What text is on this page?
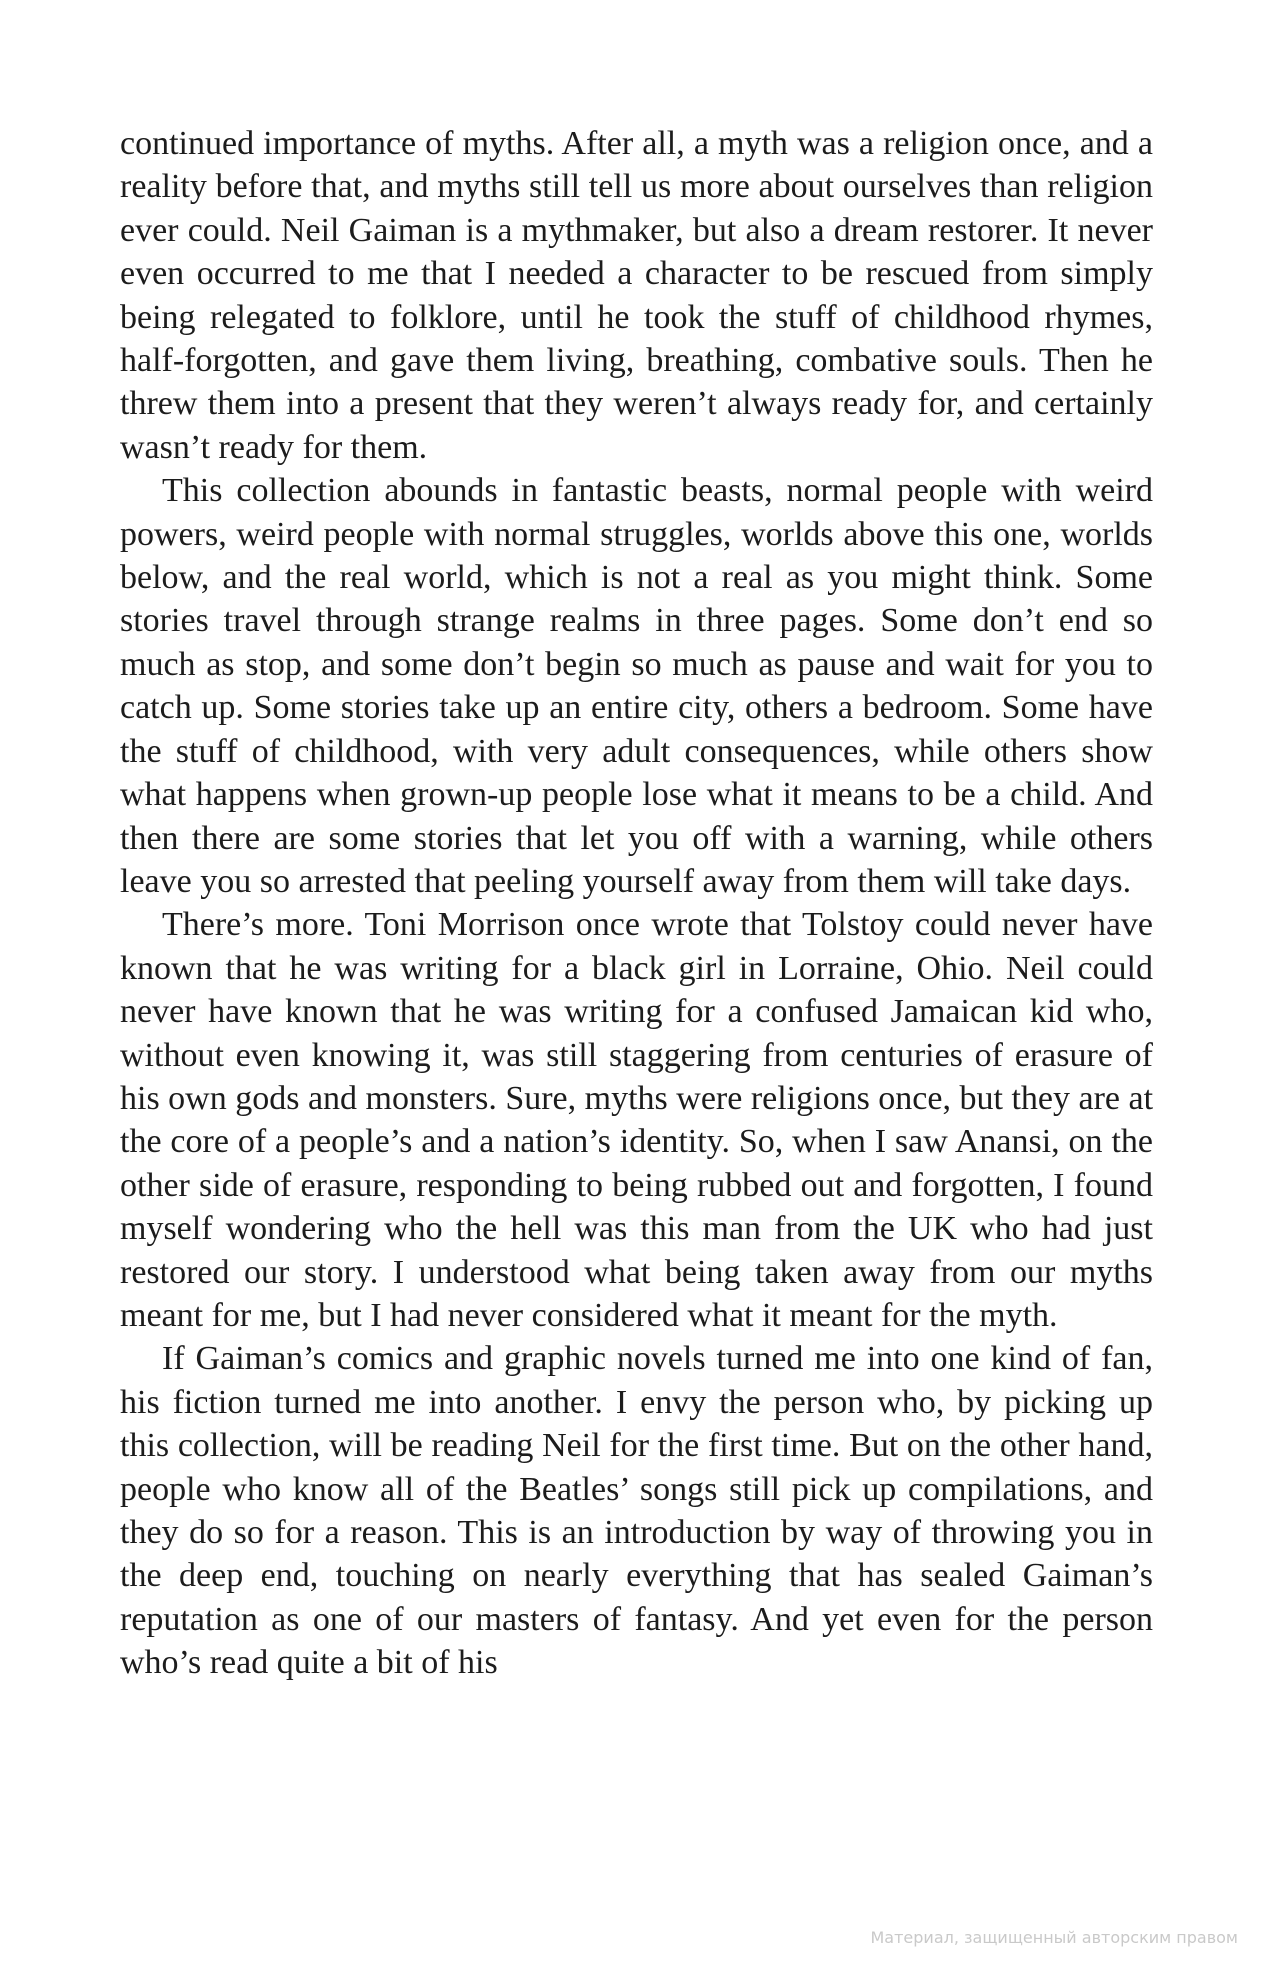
continued importance of myths. After all, a myth was a religion once, and a reality before that, and myths still tell us more about ourselves than religion ever could. Neil Gaiman is a mythmaker, but also a dream restorer. It never even occurred to me that I needed a character to be rescued from simply being relegated to folklore, until he took the stuff of childhood rhymes, half-forgotten, and gave them living, breathing, combative souls. Then he threw them into a present that they weren’t always ready for, and certainly wasn’t ready for them.

This collection abounds in fantastic beasts, normal people with weird powers, weird people with normal struggles, worlds above this one, worlds below, and the real world, which is not a real as you might think. Some stories travel through strange realms in three pages. Some don’t end so much as stop, and some don’t begin so much as pause and wait for you to catch up. Some stories take up an entire city, others a bedroom. Some have the stuff of childhood, with very adult consequences, while others show what happens when grown-up people lose what it means to be a child. And then there are some stories that let you off with a warning, while others leave you so arrested that peeling yourself away from them will take days.

There’s more. Toni Morrison once wrote that Tolstoy could never have known that he was writing for a black girl in Lorraine, Ohio. Neil could never have known that he was writing for a confused Jamaican kid who, without even knowing it, was still staggering from centuries of erasure of his own gods and monsters. Sure, myths were religions once, but they are at the core of a people’s and a nation’s identity. So, when I saw Anansi, on the other side of erasure, responding to being rubbed out and forgotten, I found myself wondering who the hell was this man from the UK who had just restored our story. I understood what being taken away from our myths meant for me, but I had never considered what it meant for the myth.

If Gaiman’s comics and graphic novels turned me into one kind of fan, his fiction turned me into another. I envy the person who, by picking up this collection, will be reading Neil for the first time. But on the other hand, people who know all of the Beatles’ songs still pick up compilations, and they do so for a reason. This is an introduction by way of throwing you in the deep end, touching on nearly everything that has sealed Gaiman’s reputation as one of our masters of fantasy. And yet even for the person who’s read quite a bit of his

Материал, защищенный авторским правом
